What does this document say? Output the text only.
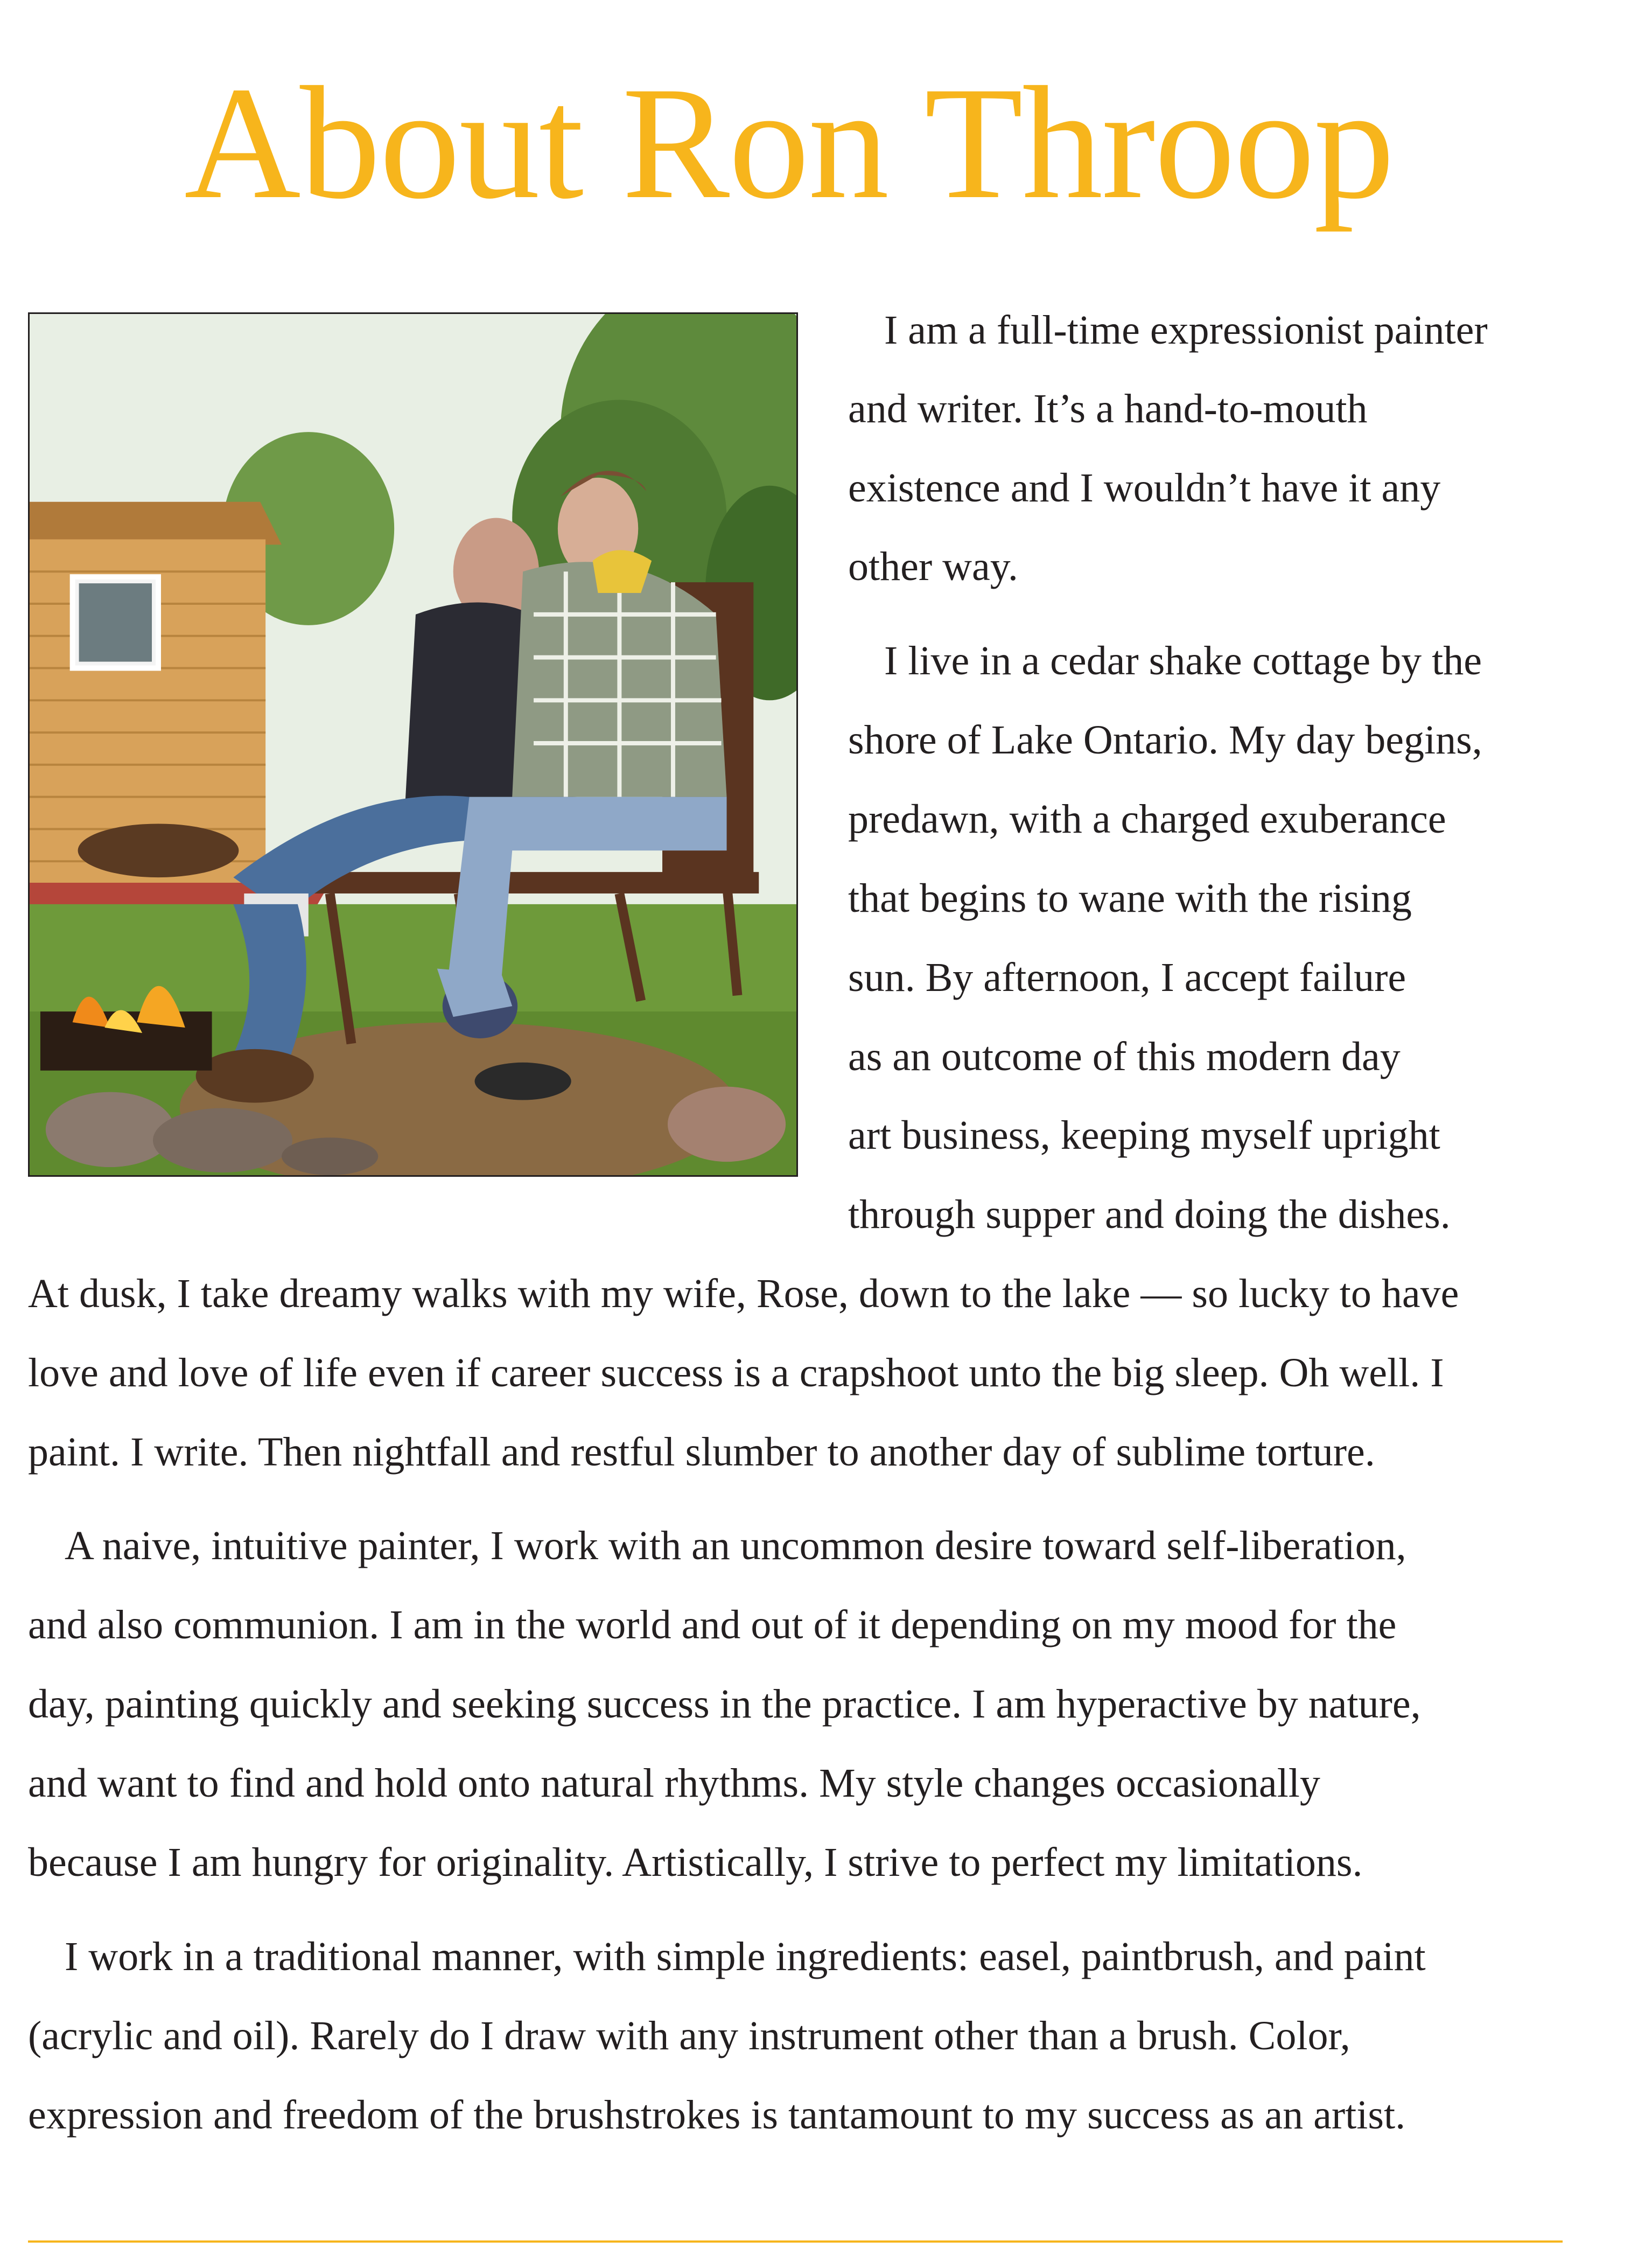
About Ron Throop

I am a full-time expressionist painter

and writer. It’s a hand-to-mouth

existence and I wouldn’t have it any

other way.

I live in a cedar shake cottage by the

shore of Lake Ontario. My day begins,

predawn, with a charged exuberance

that begins to wane with the rising

sun. By afternoon, I accept failure

as an outcome of this modern day

art business, keeping myself upright

through supper and doing the dishes.

At dusk, I take dreamy walks with my wife, Rose, down to the lake — so lucky to have

love and love of life even if career success is a crapshoot unto the big sleep. Oh well. I

paint. I write. Then nightfall and restful slumber to another day of sublime torture.

A naive, intuitive painter, I work with an uncommon desire toward self-liberation,

and also communion. I am in the world and out of it depending on my mood for the

day, painting quickly and seeking success in the practice. I am hyperactive by nature,

and want to find and hold onto natural rhythms. My style changes occasionally

because I am hungry for originality. Artistically, I strive to perfect my limitations.

I work in a traditional manner, with simple ingredients: easel, paintbrush, and paint

(acrylic and oil). Rarely do I draw with any instrument other than a brush. Color,

expression and freedom of the brushstrokes is tantamount to my success as an artist.
